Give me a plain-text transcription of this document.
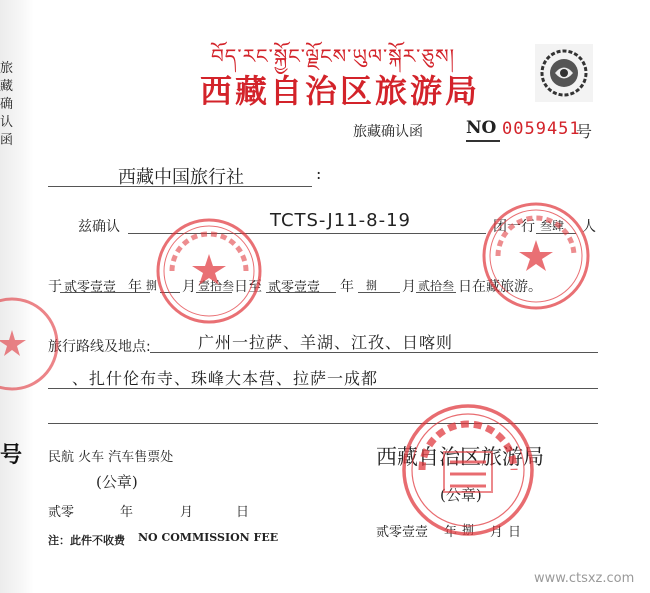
旅藏确认函
号
བོད་རང་སྐྱོང་ལྗོངས་ཡུལ་སྐོར་ཅུས།
西藏自治区旅游局
旅藏确认函	NO 0059451
号
西藏中国旅行社	:
兹确认	TCTS-J11-8-19	团一行 叁肆 人
于 贰零壹壹 年 捌 月 壹拾叁 日至 贰零壹壹 年 捌 月 贰拾叁 日在藏旅游。
旅行路线及地点:	广州一拉萨、羊湖、江孜、日喀则
、扎什伦布寺、珠峰大本营、拉萨一成都
民航 火车 汽车售票处
(公章)
贰零	年	月	日
注：此件不收费 NO COMMISSION FEE
西藏自治区旅游局
(公章)
贰零壹壹 年 捌 月 日
www.ctsxz.com
